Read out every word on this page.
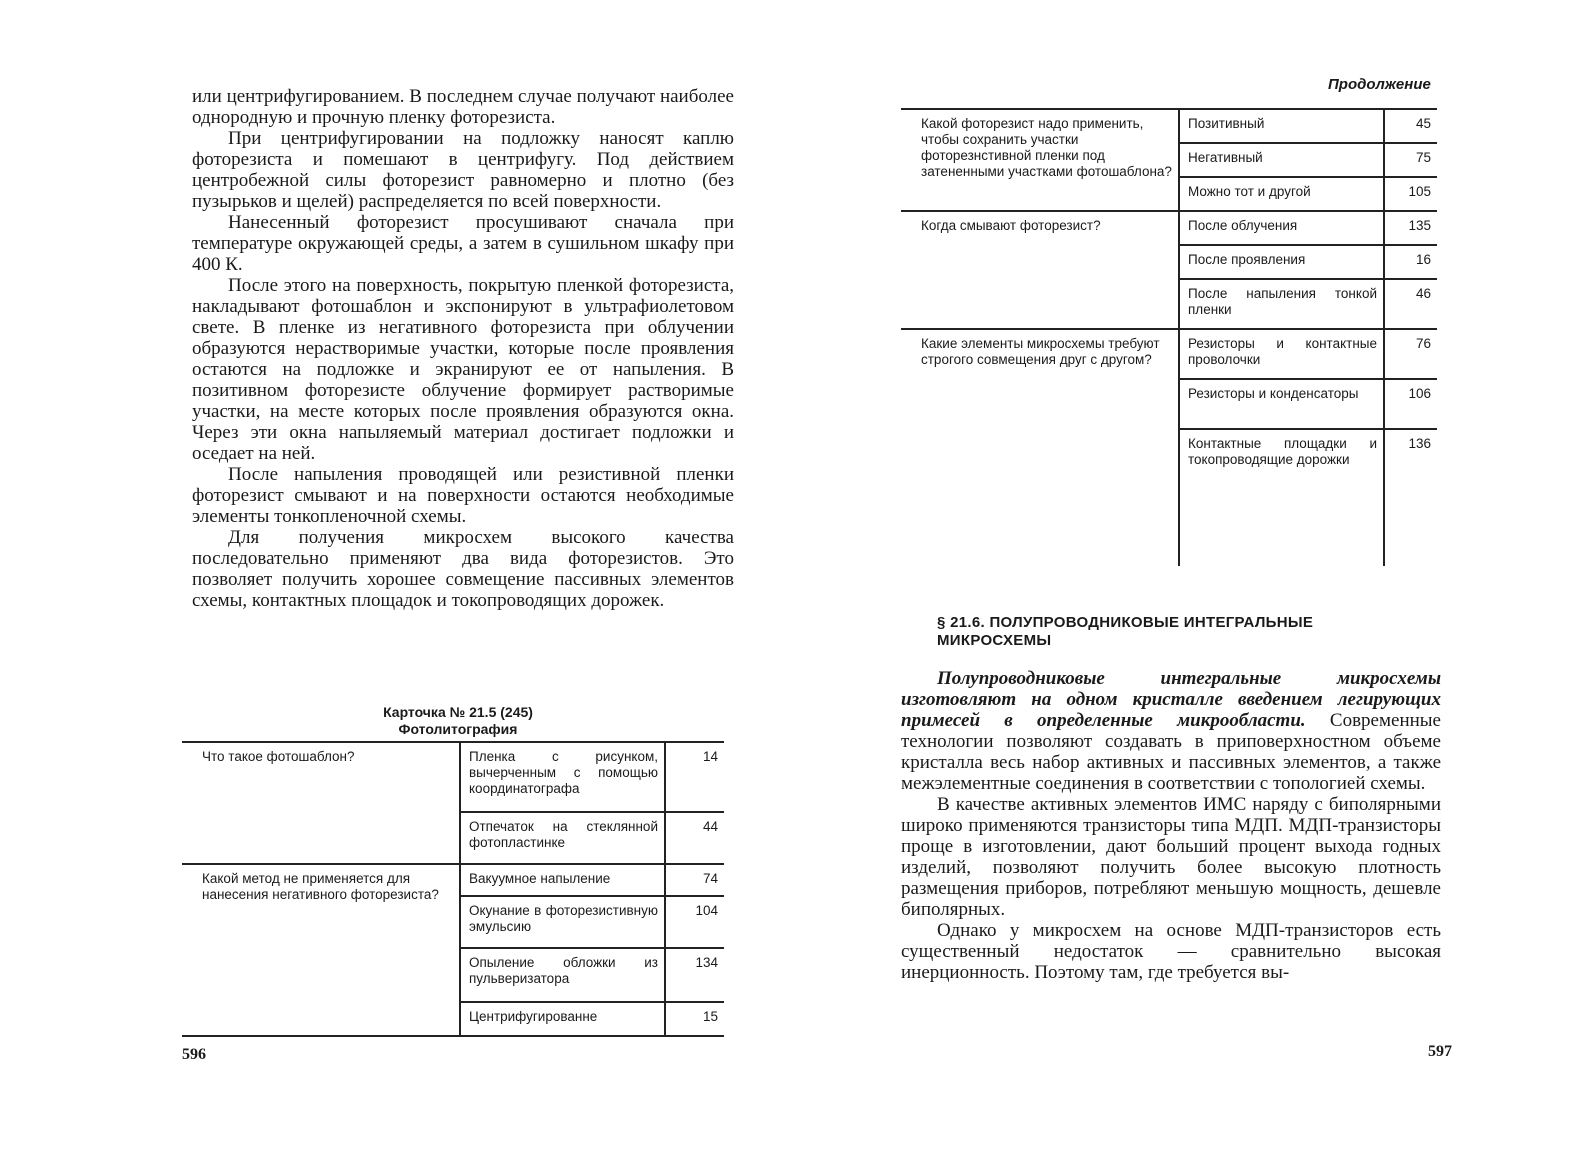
или центрифугированием. В последнем случае получают наиболее однородную и прочную пленку фоторезиста.

При центрифугировании на подложку наносят каплю фоторезиста и помешают в центрифугу. Под действием центробежной силы фоторезист равномерно и плотно (без пузырьков и щелей) распределяется по всей поверхности.

Нанесенный фоторезист просушивают сначала при температуре окружающей среды, а затем в сушильном шкафу при 400 К.

После этого на поверхность, покрытую пленкой фоторезиста, накладывают фотошаблон и экспонируют в ультрафиолетовом свете. В пленке из негативного фоторезиста при облучении образуются нерастворимые участки, которые после проявления остаются на подложке и экранируют ее от напыления. В позитивном фоторезисте облучение формирует растворимые участки, на месте которых после проявления образуются окна. Через эти окна напыляемый материал достигает подложки и оседает на ней.

После напыления проводящей или резистивной пленки фоторезист смывают и на поверхности остаются необходимые элементы тонкопленочной схемы.

Для получения микросхем высокого качества последовательно применяют два вида фоторезистов. Это позволяет получить хорошее совмещение пассивных элементов схемы, контактных площадок и токопроводящих дорожек.

Карточка № 21.5 (245)
Фотолитография
Что такое фотошаблон?	Пленка с рисунком, вычерченным с помощью координатографа	14
	Отпечаток на стеклянной фотопластинке	44
Какой метод не применяется для нанесения негативного фоторезиста?	Вакуумное напыление	74
	Окунание в фоторезистивную эмульсию	104
	Опыление обложки из пульверизатора	134
	Центрифугированне	15
596
Продолжение
Какой фоторезист надо применить, чтобы сохранить участки фоторезнстивной пленки под затененными участками фотошаблона?	Позитивный	45
	Негативный	75
	Можно тот и другой	105
Когда смывают фоторезист?	После облучения	135
	После проявления	16
	После напыления тонкой пленки	46
Какие элементы микросхемы требуют строгого совмещения друг с другом?	Резисторы и контактные проволочки	76
	Резисторы и конденсаторы	106
	Контактные площадки и токопроводящие дорожки	136
§ 21.6. ПОЛУПРОВОДНИКОВЫЕ ИНТЕГРАЛЬНЫЕ МИКРОСХЕМЫ

Полупроводниковые интегральные микросхемы изготовляют на одном кристалле введением легирующих примесей в определенные микрообласти. Современные технологии позволяют создавать в приповерхностном объеме кристалла весь набор активных и пассивных элементов, а также межэлементные соединения в соответствии с топологией схемы.

В качестве активных элементов ИМС наряду с биполярными широко применяются транзисторы типа МДП. МДП-транзисторы проще в изготовлении, дают больший процент выхода годных изделий, позволяют получить более высокую плотность размещения приборов, потребляют меньшую мощность, дешевле биполярных.

Однако у микросхем на основе МДП-транзисторов есть существенный недостаток — сравнительно высокая инерционность. Поэтому там, где требуется вы-

597
